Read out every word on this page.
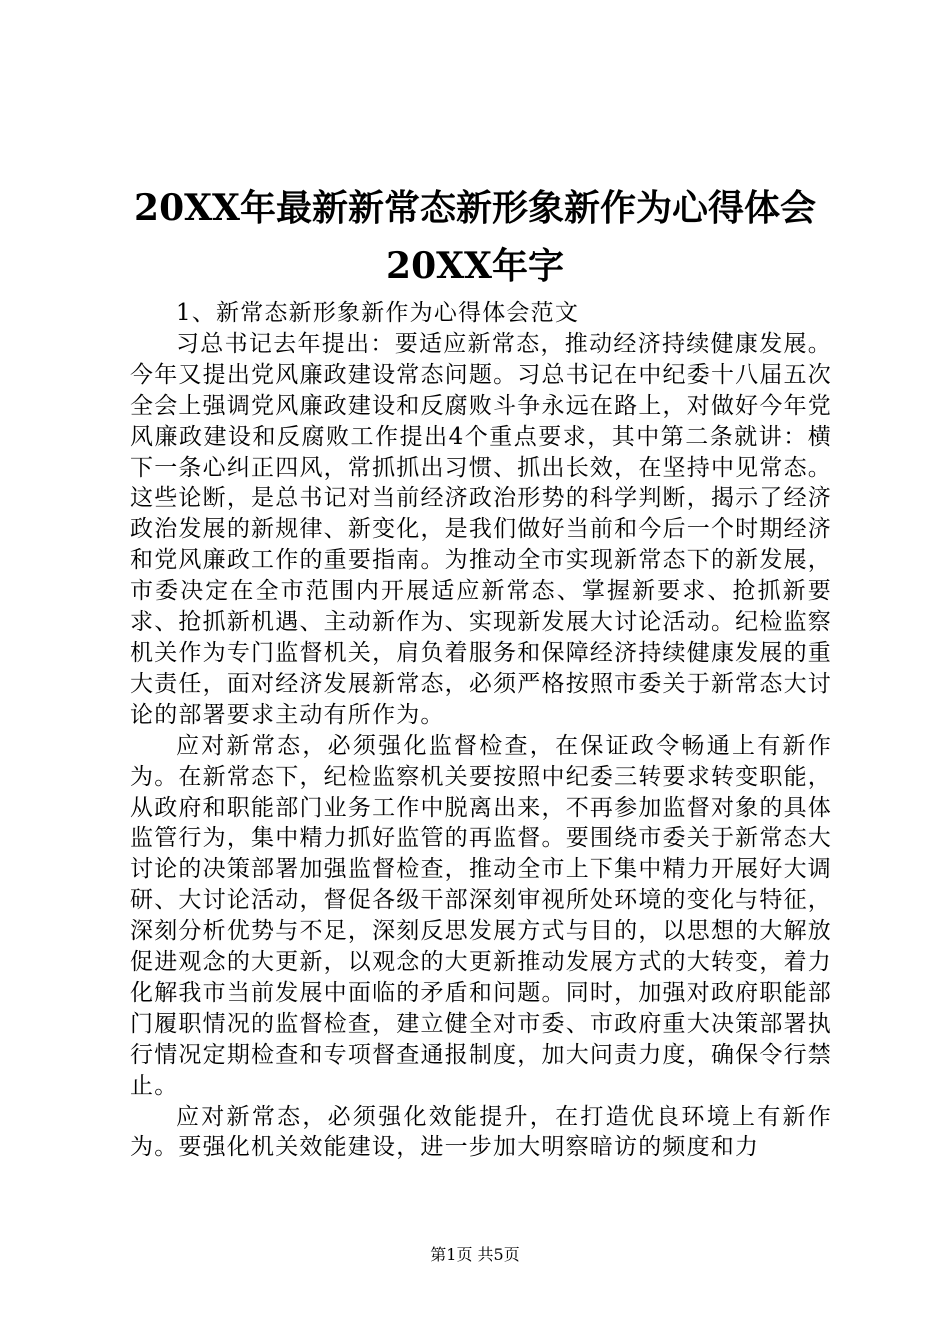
20XX年最新新常态新形象新作为心得体会
20XX年字

1、新常态新形象新作为心得体会范文

习总书记去年提出：要适应新常态，推动经济持续健康发展。今年又提出党风廉政建设常态问题。习总书记在中纪委十八届五次全会上强调党风廉政建设和反腐败斗争永远在路上，对做好今年党风廉政建设和反腐败工作提出4个重点要求，其中第二条就讲：横下一条心纠正四风，常抓抓出习惯、抓出长效，在坚持中见常态。这些论断，是总书记对当前经济政治形势的科学判断，揭示了经济政治发展的新规律、新变化，是我们做好当前和今后一个时期经济和党风廉政工作的重要指南。为推动全市实现新常态下的新发展，市委决定在全市范围内开展适应新常态、掌握新要求、抢抓新要求、抢抓新机遇、主动新作为、实现新发展大讨论活动。纪检监察机关作为专门监督机关，肩负着服务和保障经济持续健康发展的重大责任，面对经济发展新常态，必须严格按照市委关于新常态大讨论的部署要求主动有所作为。

应对新常态，必须强化监督检查，在保证政令畅通上有新作为。在新常态下，纪检监察机关要按照中纪委三转要求转变职能，从政府和职能部门业务工作中脱离出来，不再参加监督对象的具体监管行为，集中精力抓好监管的再监督。要围绕市委关于新常态大讨论的决策部署加强监督检查，推动全市上下集中精力开展好大调研、大讨论活动，督促各级干部深刻审视所处环境的变化与特征，深刻分析优势与不足，深刻反思发展方式与目的，以思想的大解放促进观念的大更新，以观念的大更新推动发展方式的大转变，着力化解我市当前发展中面临的矛盾和问题。同时，加强对政府职能部门履职情况的监督检查，建立健全对市委、市政府重大决策部署执行情况定期检查和专项督查通报制度，加大问责力度，确保令行禁止。

应对新常态，必须强化效能提升，在打造优良环境上有新作为。要强化机关效能建设，进一步加大明察暗访的频度和力

第1页 共5页
